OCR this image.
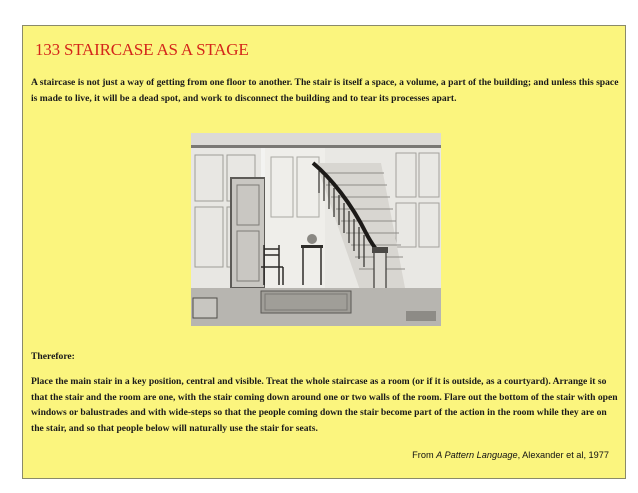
133 STAIRCASE AS A STAGE

A staircase is not just a way of getting from one floor to another. The stair is itself a space, a volume, a part of the building; and unless this space is made to live, it will be a dead spot, and work to disconnect the building and to tear its processes apart.

Therefore:

Place the main stair in a key position, central and visible. Treat the whole staircase as a room (or if it is outside, as a courtyard). Arrange it so that the stair and the room are one, with the stair coming down around one or two walls of the room. Flare out the bottom of the stair with open windows or balustrades and with wide-steps so that the people coming down the stair become part of the action in the room while they are on the stair, and so that people below will naturally use the stair for seats.

From A Pattern Language, Alexander et al, 1977
